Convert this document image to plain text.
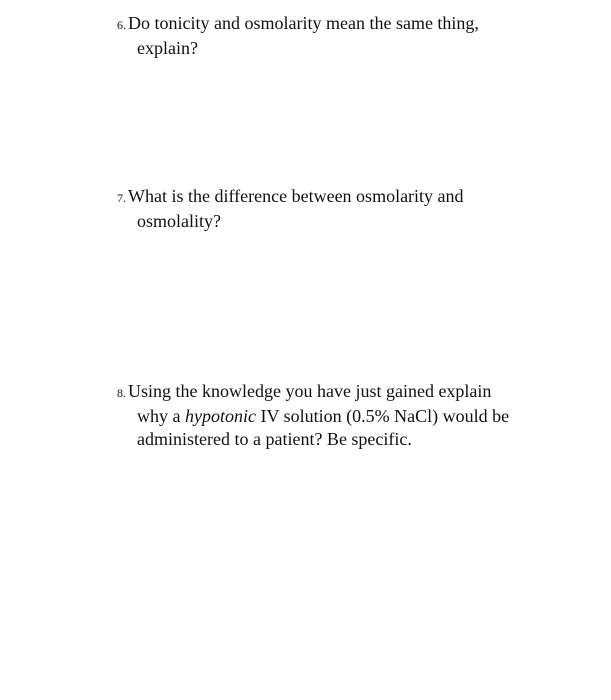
6. Do tonicity and osmolarity mean the same thing,
explain?
7. What is the difference between osmolarity and
osmolality?
8. Using the knowledge you have just gained explain
why a hypotonic IV solution (0.5% NaCl) would be
administered to a patient? Be specific.
